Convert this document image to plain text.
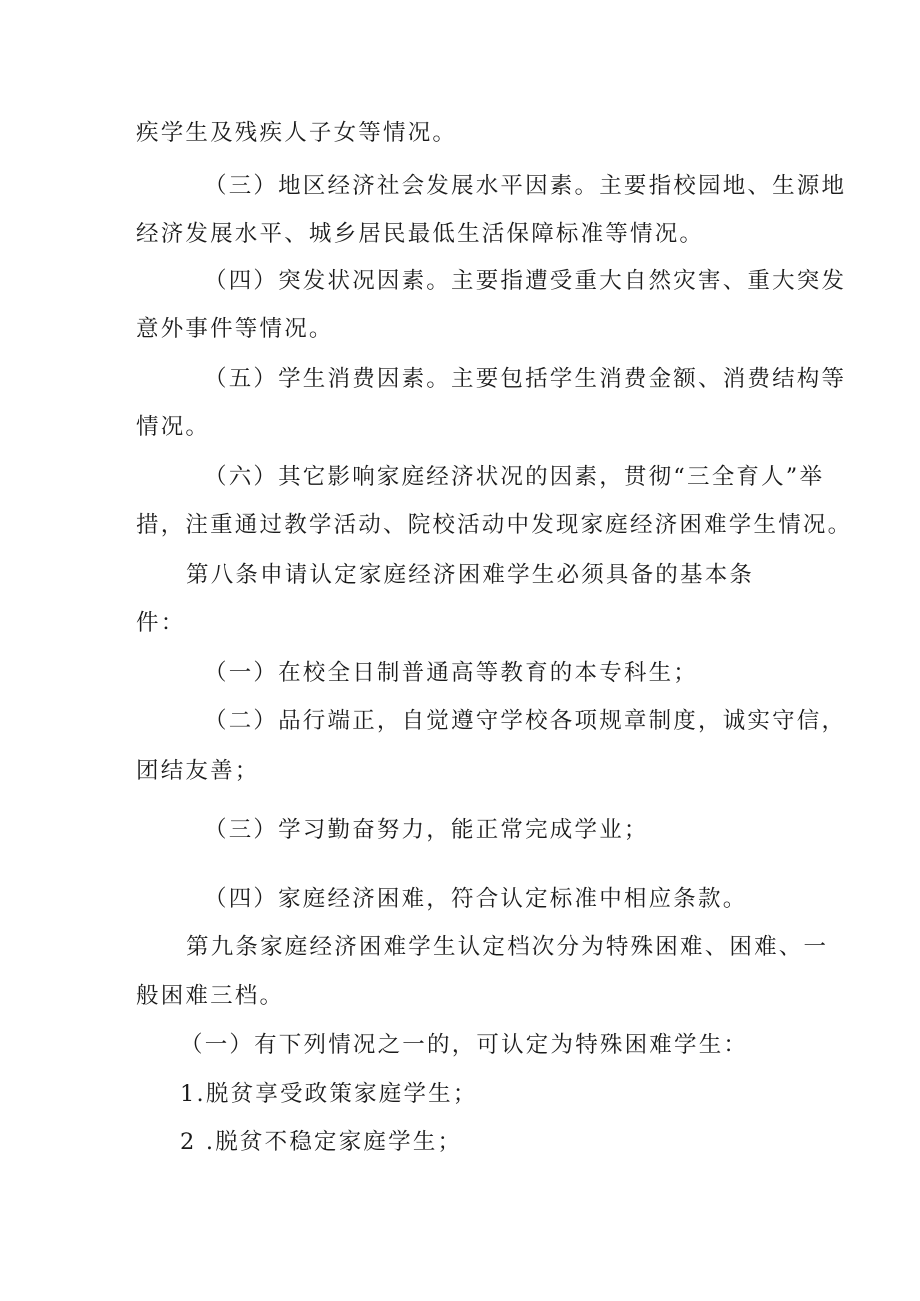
疾学生及残疾人子女等情况。
（三）地区经济社会发展水平因素。主要指校园地、生源地
经济发展水平、城乡居民最低生活保障标准等情况。
（四）突发状况因素。主要指遭受重大自然灾害、重大突发
意外事件等情况。
（五）学生消费因素。主要包括学生消费金额、消费结构等
情况。
（六）其它影响家庭经济状况的因素，贯彻“三全育人”举
措，注重通过教学活动、院校活动中发现家庭经济困难学生情况。
第八条申请认定家庭经济困难学生必须具备的基本条
件：
（一）在校全日制普通高等教育的本专科生；
（二）品行端正，自觉遵守学校各项规章制度，诚实守信，
团结友善；
（三）学习勤奋努力，能正常完成学业；
（四）家庭经济困难，符合认定标准中相应条款。
第九条家庭经济困难学生认定档次分为特殊困难、困难、一
般困难三档。
（一）有下列情况之一的，可认定为特殊困难学生：
1.脱贫享受政策家庭学生；
2 .脱贫不稳定家庭学生；
